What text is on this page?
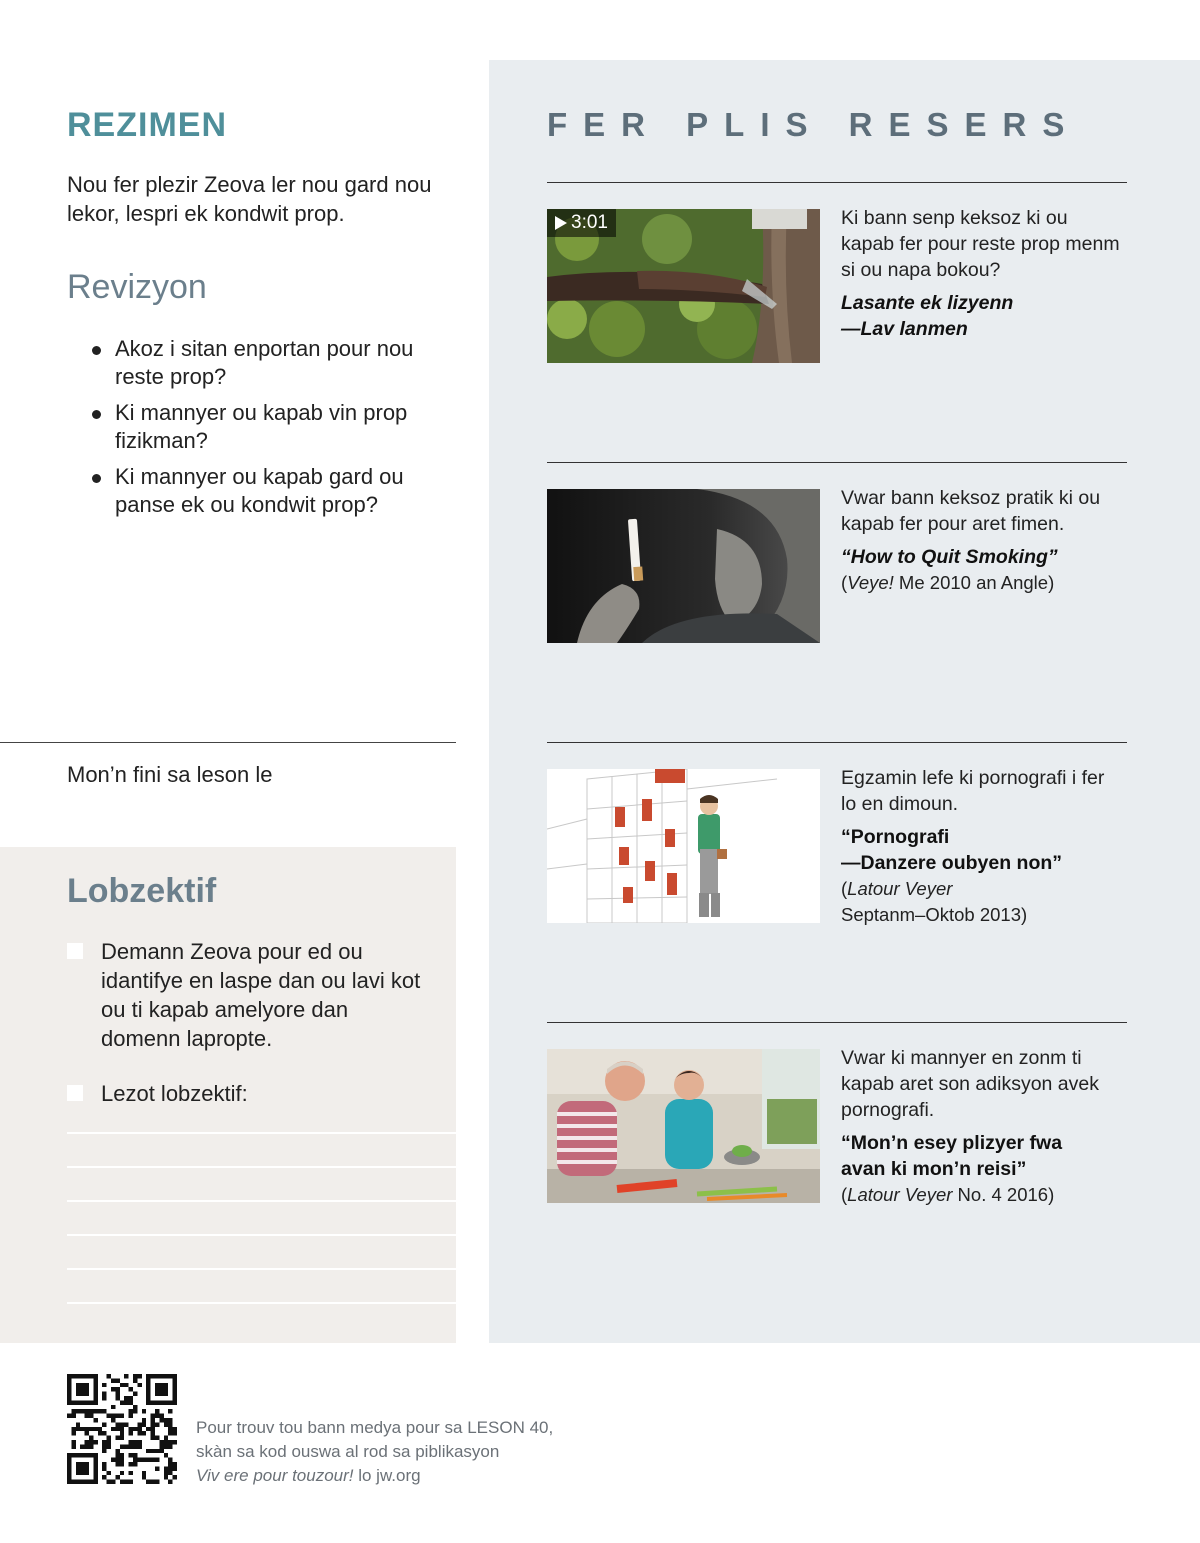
REZIMEN

Nou fer plezir Zeova ler nou gard nou lekor, lespri ek kondwit prop.

Revizyon
Akoz i sitan enportan pour nou reste prop?
Ki mannyer ou kapab vin prop fizikman?
Ki mannyer ou kapab gard ou panse ek ou kondwit prop?
Mon’n fini sa leson le
Lobzektif
Demann Zeova pour ed ou idantifye en laspe dan ou lavi kot ou ti kapab amelyore dan domenn lapropte.
Lezot lobzektif:
FER PLIS RESERS
3:01	Ki bann senp keksoz ki ou kapab fer pour reste prop menm si ou napa bokou?
Lasante ek lizyenn
—Lav lanmen
Vwar bann keksoz pratik ki ou kapab fer pour aret fimen.
“How to Quit Smoking”
(Veye! Me 2010 an Angle)
Egzamin lefe ki pornografi i fer lo en dimoun.
“Pornografi
—Danzere oubyen non”
(Latour Veyer
Septanm–Oktob 2013)
Vwar ki mannyer en zonm ti kapab aret son adiksyon avek pornografi.
“Mon’n esey plizyer fwa
avan ki mon’n reisi”
(Latour Veyer No. 4 2016)
Pour trouv tou bann medya pour sa LESON 40,
skàn sa kod ouswa al rod sa piblikasyon
Viv ere pour touzour! lo jw.org
